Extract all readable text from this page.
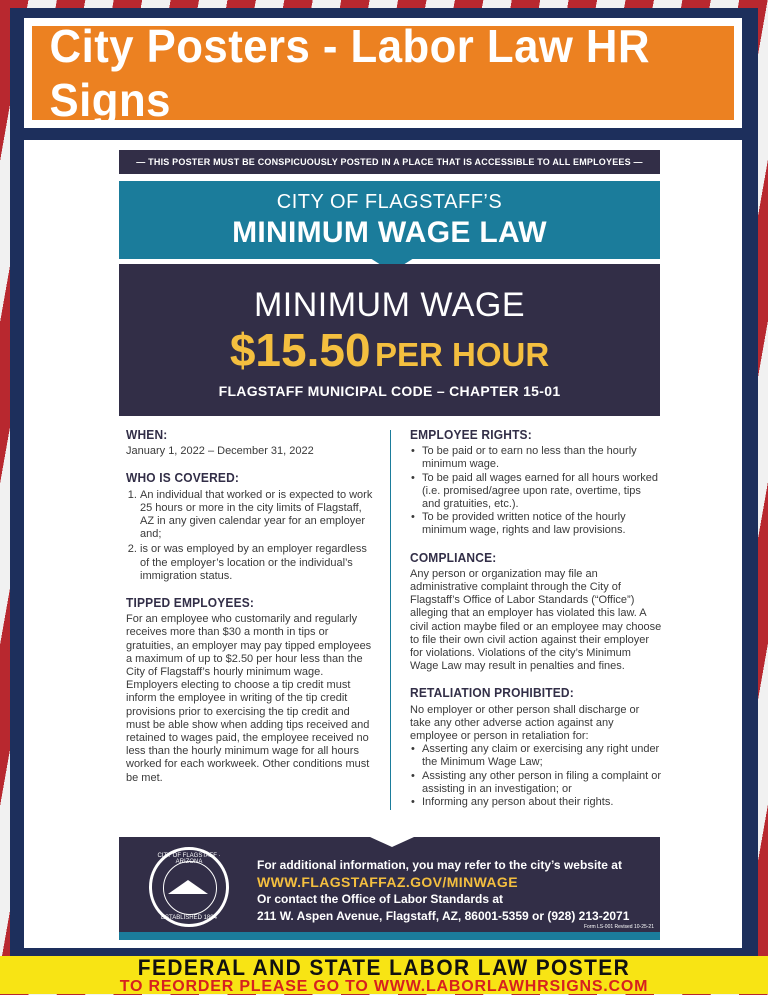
City Posters - Labor Law HR Signs
— THIS POSTER MUST BE CONSPICUOUSLY POSTED IN A PLACE THAT IS ACCESSIBLE TO ALL EMPLOYEES —
CITY OF FLAGSTAFF’S
MINIMUM WAGE LAW
MINIMUM WAGE
$15.50 PER HOUR
FLAGSTAFF MUNICIPAL CODE – CHAPTER 15-01
WHEN:

January 1, 2022 – December 31, 2022

WHO IS COVERED:
1. An individual that worked or is expected to work 25 hours or more in the city limits of Flagstaff, AZ in any given calendar year for an employer and;
2. is or was employed by an employer regardless of the employer’s location or the individual’s immigration status.
TIPPED EMPLOYEES:

For an employee who customarily and regularly receives more than $30 a month in tips or gratuities, an employer may pay tipped employees a maximum of up to $2.50 per hour less than the City of Flagstaff’s hourly minimum wage. Employers electing to choose a tip credit must inform the employee in writing of the tip credit provisions prior to exercising the tip credit and must be able show when adding tips received and retained to wages paid, the employee received no less than the hourly minimum wage for all hours worked for each workweek. Other conditions must be met.

EMPLOYEE RIGHTS:
• To be paid or to earn no less than the hourly minimum wage.
• To be paid all wages earned for all hours worked (i.e. promised/agree upon rate, overtime, tips and gratuities, etc.).
• To be provided written notice of the hourly minimum wage, rights and law provisions.
COMPLIANCE:

Any person or organization may file an administrative complaint through the City of Flagstaff’s Office of Labor Standards (“Office”) alleging that an employer has violated this law. A civil action maybe filed or an employee may choose to file their own civil action against their employer for violations. Violations of the city’s Minimum Wage Law may result in penalties and fines.

RETALIATION PROHIBITED:

No employer or other person shall discharge or take any other adverse action against any employee or person in retaliation for:

• Asserting any claim or exercising any right under the Minimum Wage Law;
• Assisting any other person in filing a complaint or assisting in an investigation; or
• Informing any person about their rights.
CITY OF FLAGSTAFF · ARIZONA
ESTABLISHED 1894
For additional information, you may refer to the city’s website at
WWW.FLAGSTAFFAZ.GOV/MINWAGE
Or contact the Office of Labor Standards at
211 W. Aspen Avenue, Flagstaff, AZ, 86001-5359 or (928) 213-2071
Form LS-001 Revised 10-25-21
FEDERAL AND STATE LABOR LAW POSTER
TO REORDER PLEASE GO TO WWW.LABORLAWHRSIGNS.COM
